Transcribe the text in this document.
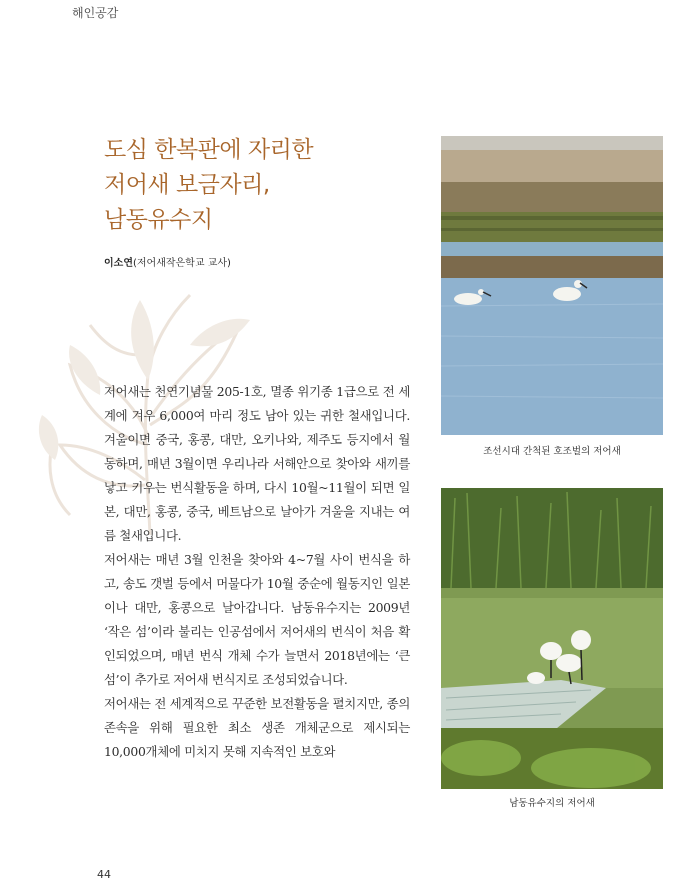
해인공감
도심 한복판에 자리한
저어새 보금자리,
남동유수지
이소연(저어새작은학교 교사)

저어새는 천연기념물 205-1호, 멸종 위기종 1급으로 전 세계에 겨우 6,000여 마리 정도 남아 있는 귀한 철새입니다. 겨울이면 중국, 홍콩, 대만, 오키나와, 제주도 등지에서 월동하며, 매년 3월이면 우리나라 서해안으로 찾아와 새끼를 낳고 키우는 번식활동을 하며, 다시 10월~11월이 되면 일본, 대만, 홍콩, 중국, 베트남으로 날아가 겨울을 지내는 여름 철새입니다.

저어새는 매년 3월 인천을 찾아와 4~7월 사이 번식을 하고, 송도 갯벌 등에서 머물다가 10월 중순에 월동지인 일본이나 대만, 홍콩으로 날아갑니다. 남동유수지는 2009년 ‘작은 섬’이라 불리는 인공섬에서 저어새의 번식이 처음 확인되었으며, 매년 번식 개체 수가 늘면서 2018년에는 ‘큰 섬’이 추가로 저어새 번식지로 조성되었습니다.

저어새는 전 세계적으로 꾸준한 보전활동을 펼치지만, 종의 존속을 위해 필요한 최소 생존 개체군으로 제시되는 10,000개체에 미치지 못해 지속적인 보호와

조선시대 간척된 호조벌의 저어새
남동유수지의 저어새
44
